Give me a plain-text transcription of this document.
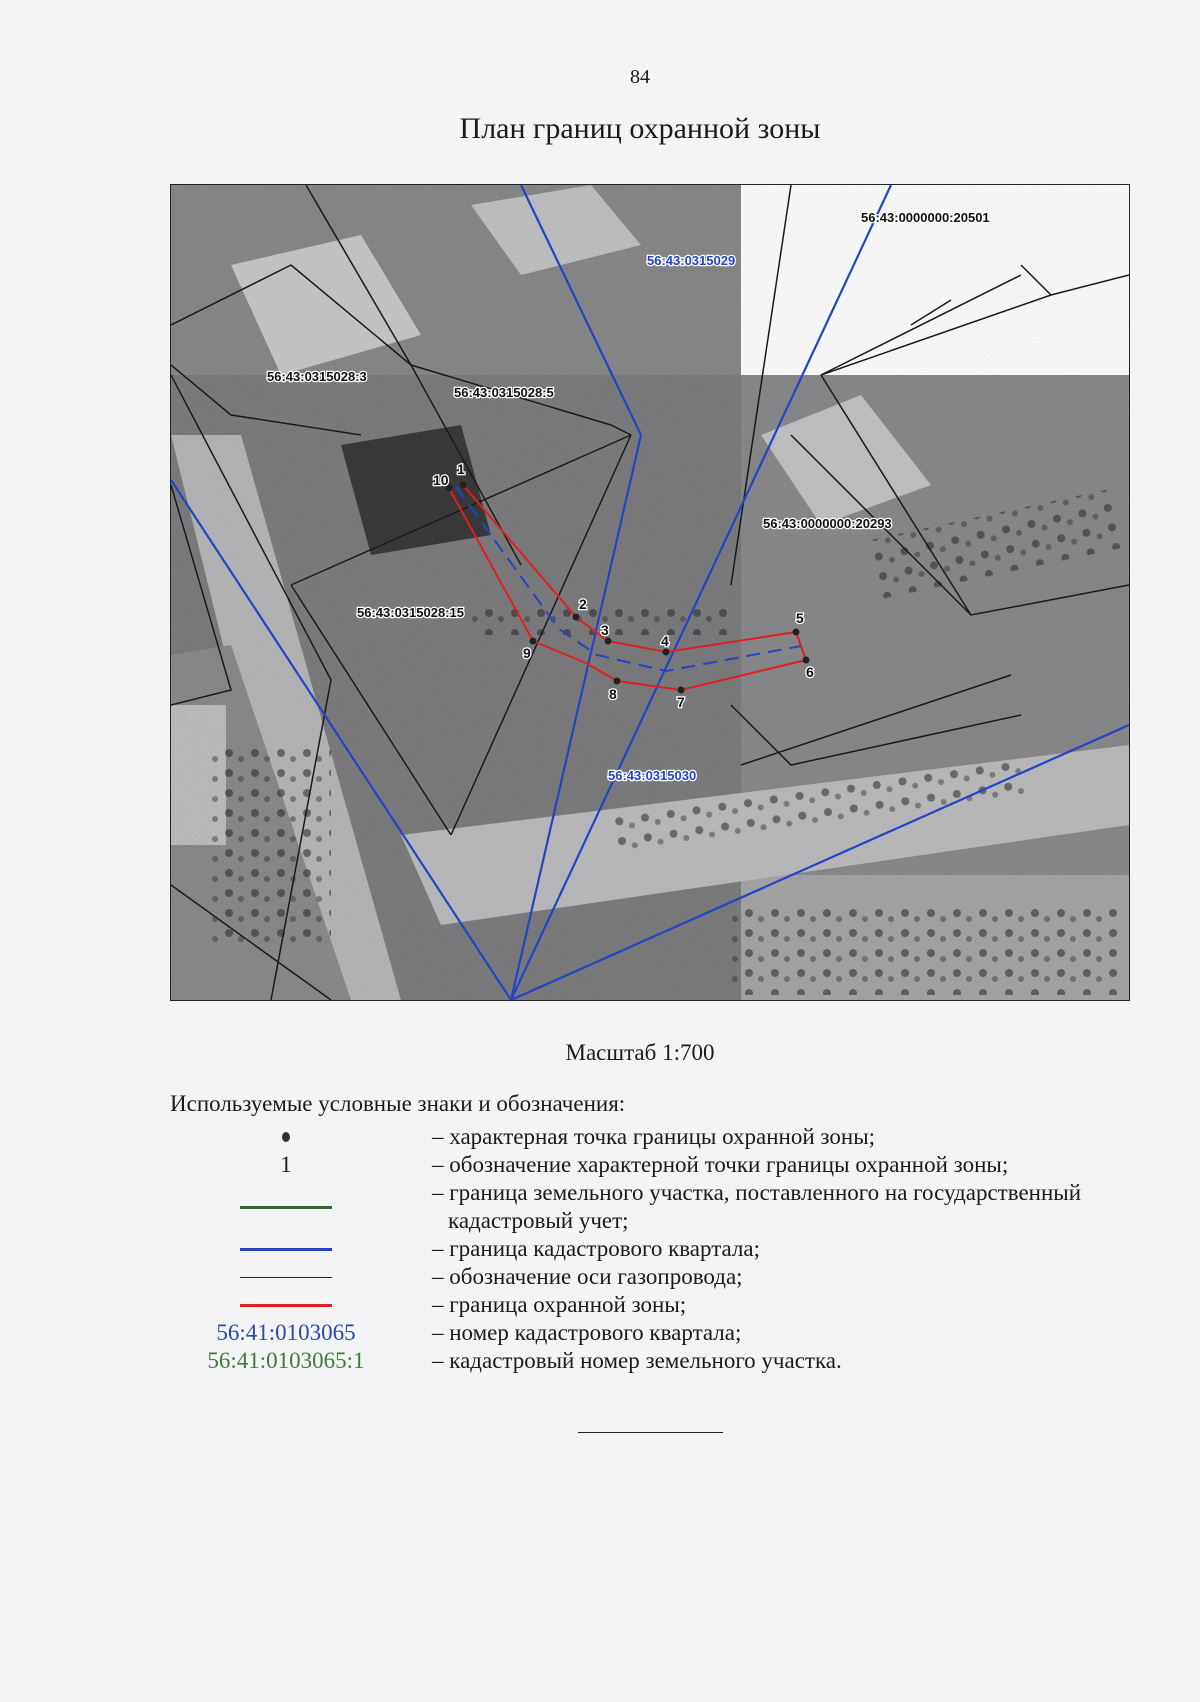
84
План границ охранной зоны
1
2
3
4
5
6
7
8
9
10
56:43:0315029
56:43:0315030
56:43:0000000:20501
56:43:0000000:20293
56:43:0315028:3
56:43:0315028:5
56:43:0315028:15
Масштаб 1:700
Используемые условные знаки и обозначения:
– характерная точка границы охранной зоны;
1	– обозначение характерной точки границы охранной зоны;
– граница земельного участка, поставленного на государственный
кадастровый учет;
– граница кадастрового квартала;
– обозначение оси газопровода;
– граница охранной зоны;
56:41:0103065	– номер кадастрового квартала;
56:41:0103065:1	– кадастровый номер земельного участка.
